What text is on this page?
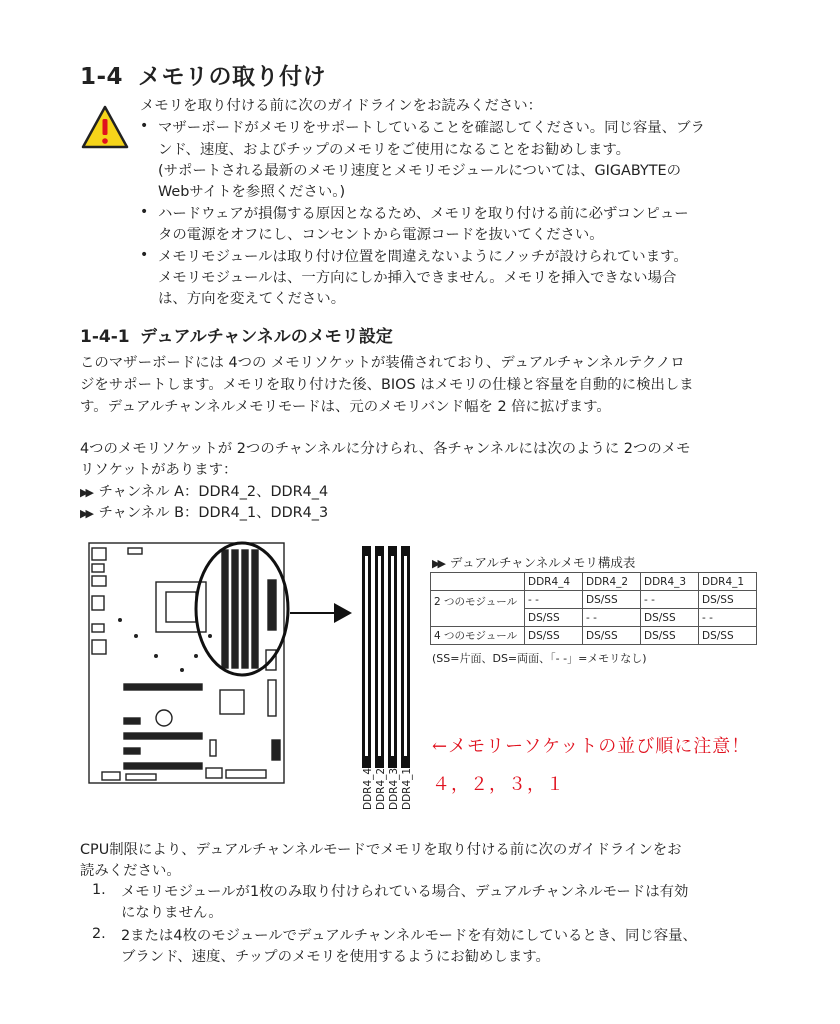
1-4 メモリの取り付け
メモリを取り付ける前に次のガイドラインをお読みください：
• マザーボードがメモリをサポートしていることを確認してください。同じ容量、ブラ
ンド、速度、およびチップのメモリをご使用になることをお勧めします。
(サポートされる最新のメモリ速度とメモリモジュールについては、GIGABYTEの
Webサイトを参照ください。)
• ハードウェアが損傷する原因となるため、メモリを取り付ける前に必ずコンピュー
タの電源をオフにし、コンセントから電源コードを抜いてください。
• メモリモジュールは取り付け位置を間違えないようにノッチが設けられています。
メモリモジュールは、一方向にしか挿入できません。メモリを挿入できない場合
は、方向を変えてください。
1-4-1 デュアルチャンネルのメモリ設定
このマザーボードには 4つの メモリソケットが装備されており、デュアルチャンネルテクノロ
ジをサポートします。メモリを取り付けた後、BIOS はメモリの仕様と容量を自動的に検出しま
す。デュアルチャンネルメモリモードは、元のメモリバンド幅を 2 倍に拡げます。
4つのメモリソケットが 2つのチャンネルに分けられ、各チャンネルには次のように 2つのメモ
リソケットがあります：
▶▶ チャンネル A：DDR4_2、DDR4_4
▶▶ チャンネル B：DDR4_1、DDR4_3
DDR4_4 DDR4_2 DDR4_3 DDR4_1
▶▶ デュアルチャンネルメモリ構成表
	DDR4_4	DDR4_2	DDR4_3	DDR4_1
2 つのモジュール	- -	DS/SS	- -	DS/SS
	DS/SS	- -	DS/SS	- -
4 つのモジュール	DS/SS	DS/SS	DS/SS	DS/SS
(SS=片面、DS=両面、「- -」=メモリなし)
←メモリーソケットの並び順に注意！
４，２，３，１
CPU制限により、デュアルチャンネルモードでメモリを取り付ける前に次のガイドラインをお
読みください。
1. メモリモジュールが1枚のみ取り付けられている場合、デュアルチャンネルモードは有効
になりません。
2. 2または4枚のモジュールでデュアルチャンネルモードを有効にしているとき、同じ容量、
ブランド、速度、チップのメモリを使用するようにお勧めします。
